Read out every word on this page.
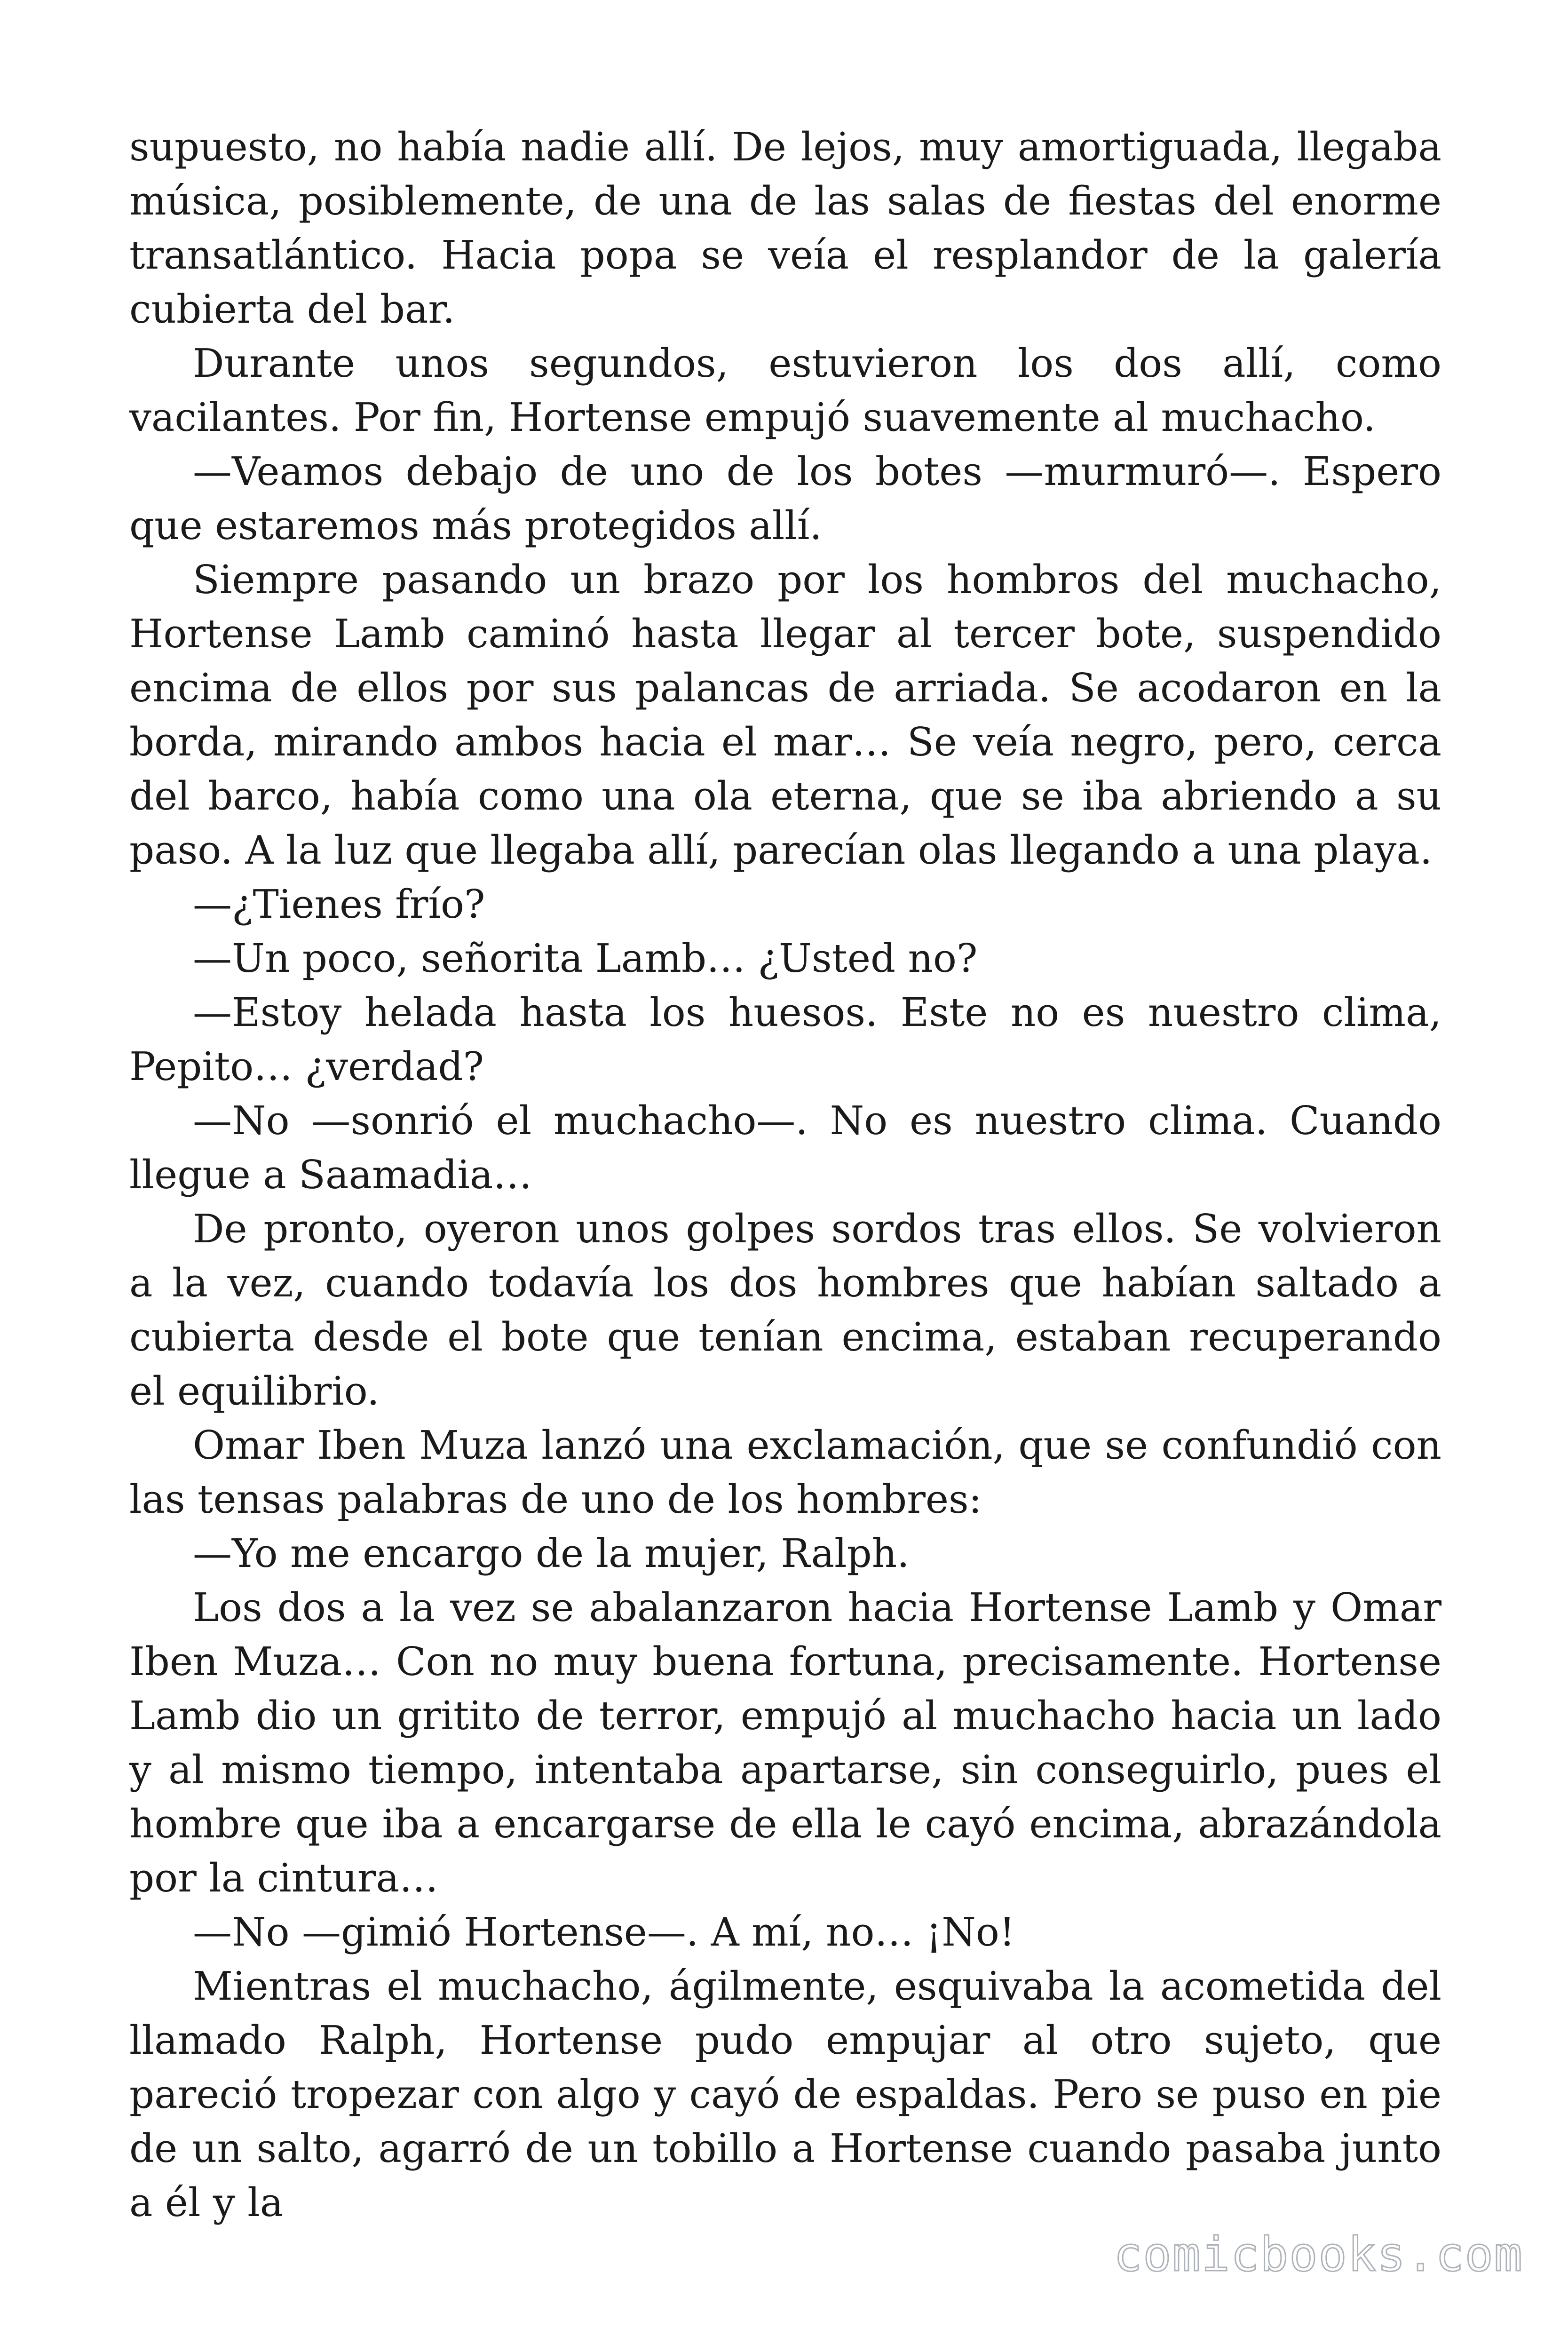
supuesto, no había nadie allí. De lejos, muy amortiguada, llegaba música, posiblemente, de una de las salas de fiestas del enorme transatlántico. Hacia popa se veía el resplandor de la galería cubierta del bar.

Durante unos segundos, estuvieron los dos allí, como vacilantes. Por fin, Hortense empujó suavemente al muchacho.

—Veamos debajo de uno de los botes —murmuró—. Espero que estaremos más protegidos allí.

Siempre pasando un brazo por los hombros del muchacho, Hortense Lamb caminó hasta llegar al tercer bote, suspendido encima de ellos por sus palancas de arriada. Se acodaron en la borda, mirando ambos hacia el mar… Se veía negro, pero, cerca del barco, había como una ola eterna, que se iba abriendo a su paso. A la luz que llegaba allí, parecían olas llegando a una playa.

—¿Tienes frío?

—Un poco, señorita Lamb… ¿Usted no?

—Estoy helada hasta los huesos. Este no es nuestro clima, Pepito… ¿verdad?

—No —sonrió el muchacho—. No es nuestro clima. Cuando llegue a Saamadia…

De pronto, oyeron unos golpes sordos tras ellos. Se volvieron a la vez, cuando todavía los dos hombres que habían saltado a cubierta desde el bote que tenían encima, estaban recuperando el equilibrio.

Omar Iben Muza lanzó una exclamación, que se confundió con las tensas palabras de uno de los hombres:

—Yo me encargo de la mujer, Ralph.

Los dos a la vez se abalanzaron hacia Hortense Lamb y Omar Iben Muza… Con no muy buena fortuna, precisamente. Hortense Lamb dio un gritito de terror, empujó al muchacho hacia un lado y al mismo tiempo, intentaba apartarse, sin conseguirlo, pues el hombre que iba a encargarse de ella le cayó encima, abrazándola por la cintura…

—No —gimió Hortense—. A mí, no… ¡No!

Mientras el muchacho, ágilmente, esquivaba la acometida del llamado Ralph, Hortense pudo empujar al otro sujeto, que pareció tropezar con algo y cayó de espaldas. Pero se puso en pie de un salto, agarró de un tobillo a Hortense cuando pasaba junto a él y la

comicbooks.com
